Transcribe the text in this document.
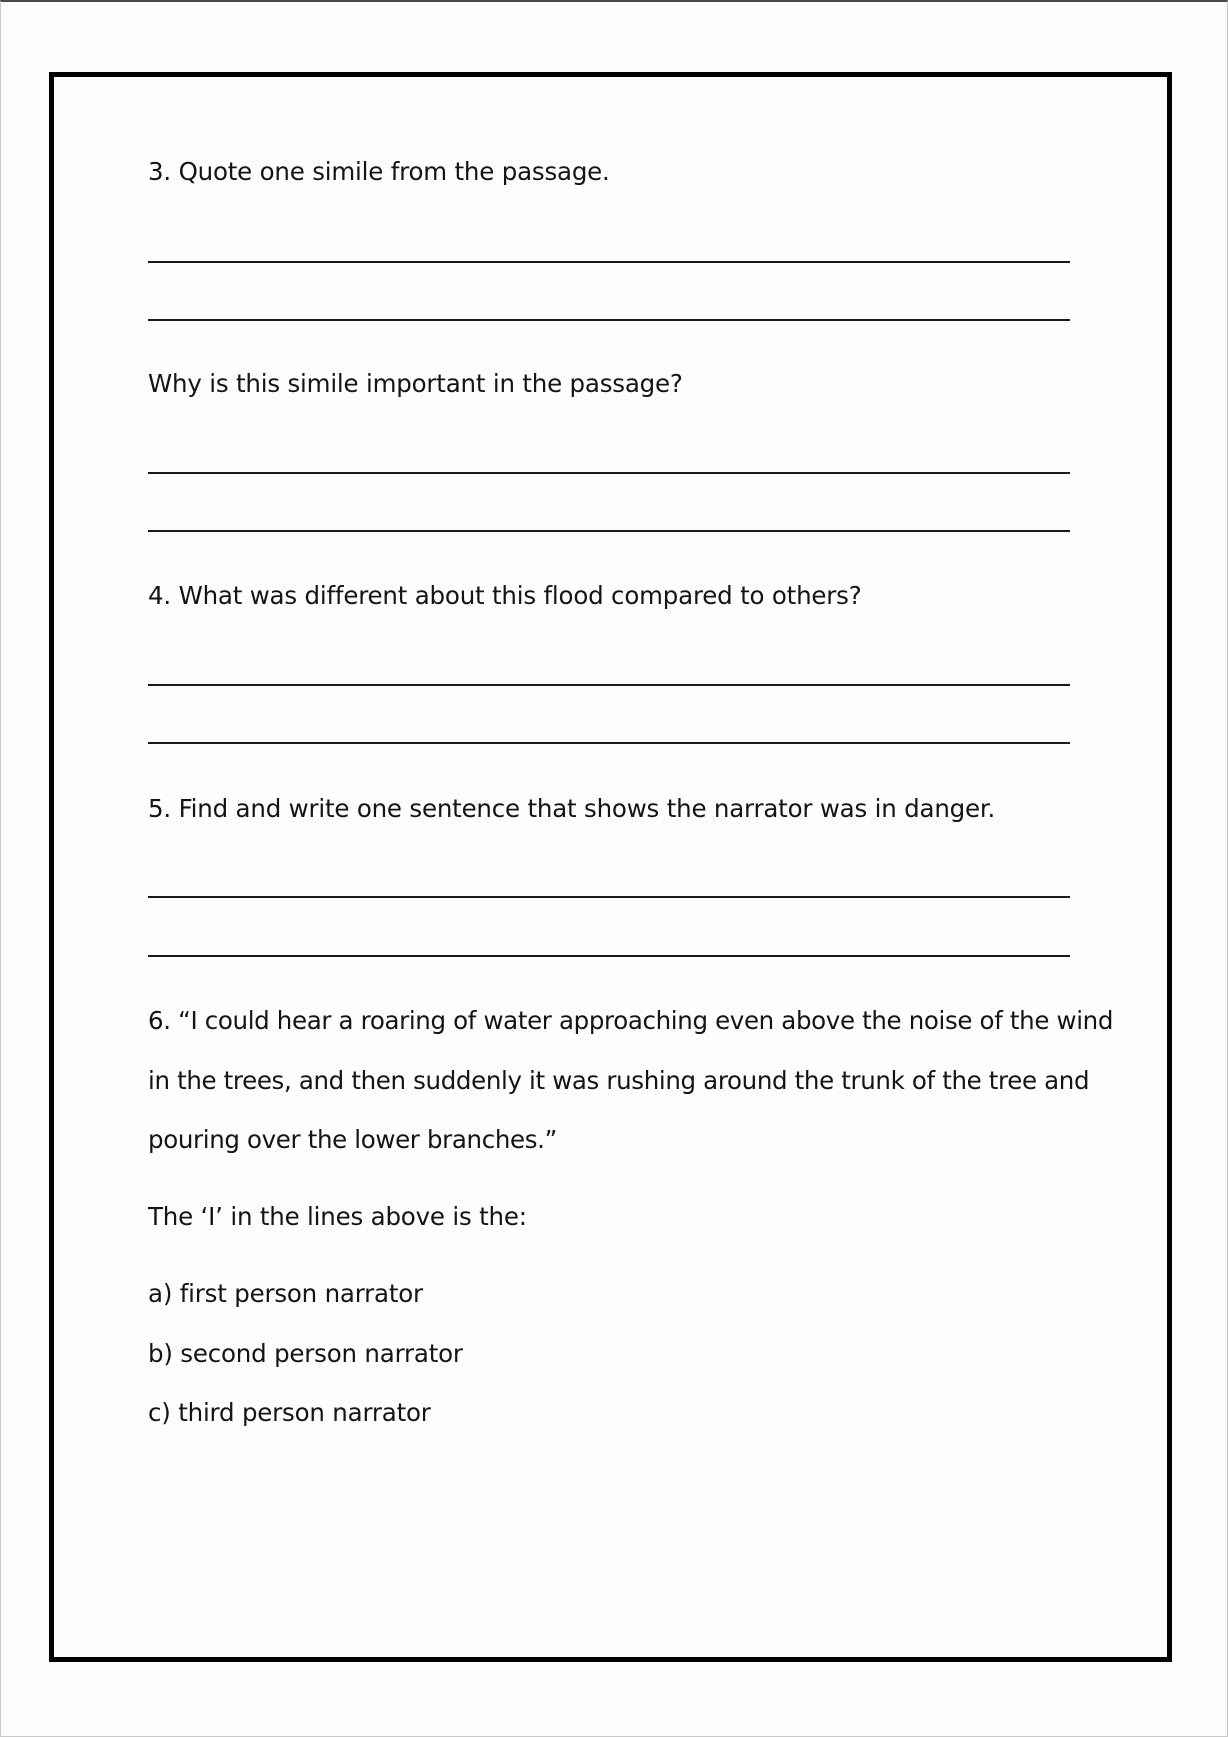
3. Quote one simile from the passage.
Why is this simile important in the passage?
4. What was different about this flood compared to others?
5. Find and write one sentence that shows the narrator was in danger.
6. “I could hear a roaring of water approaching even above the noise of the wind
in the trees, and then suddenly it was rushing around the trunk of the tree and
pouring over the lower branches.”
The ‘I’ in the lines above is the:
a) first person narrator
b) second person narrator
c) third person narrator
